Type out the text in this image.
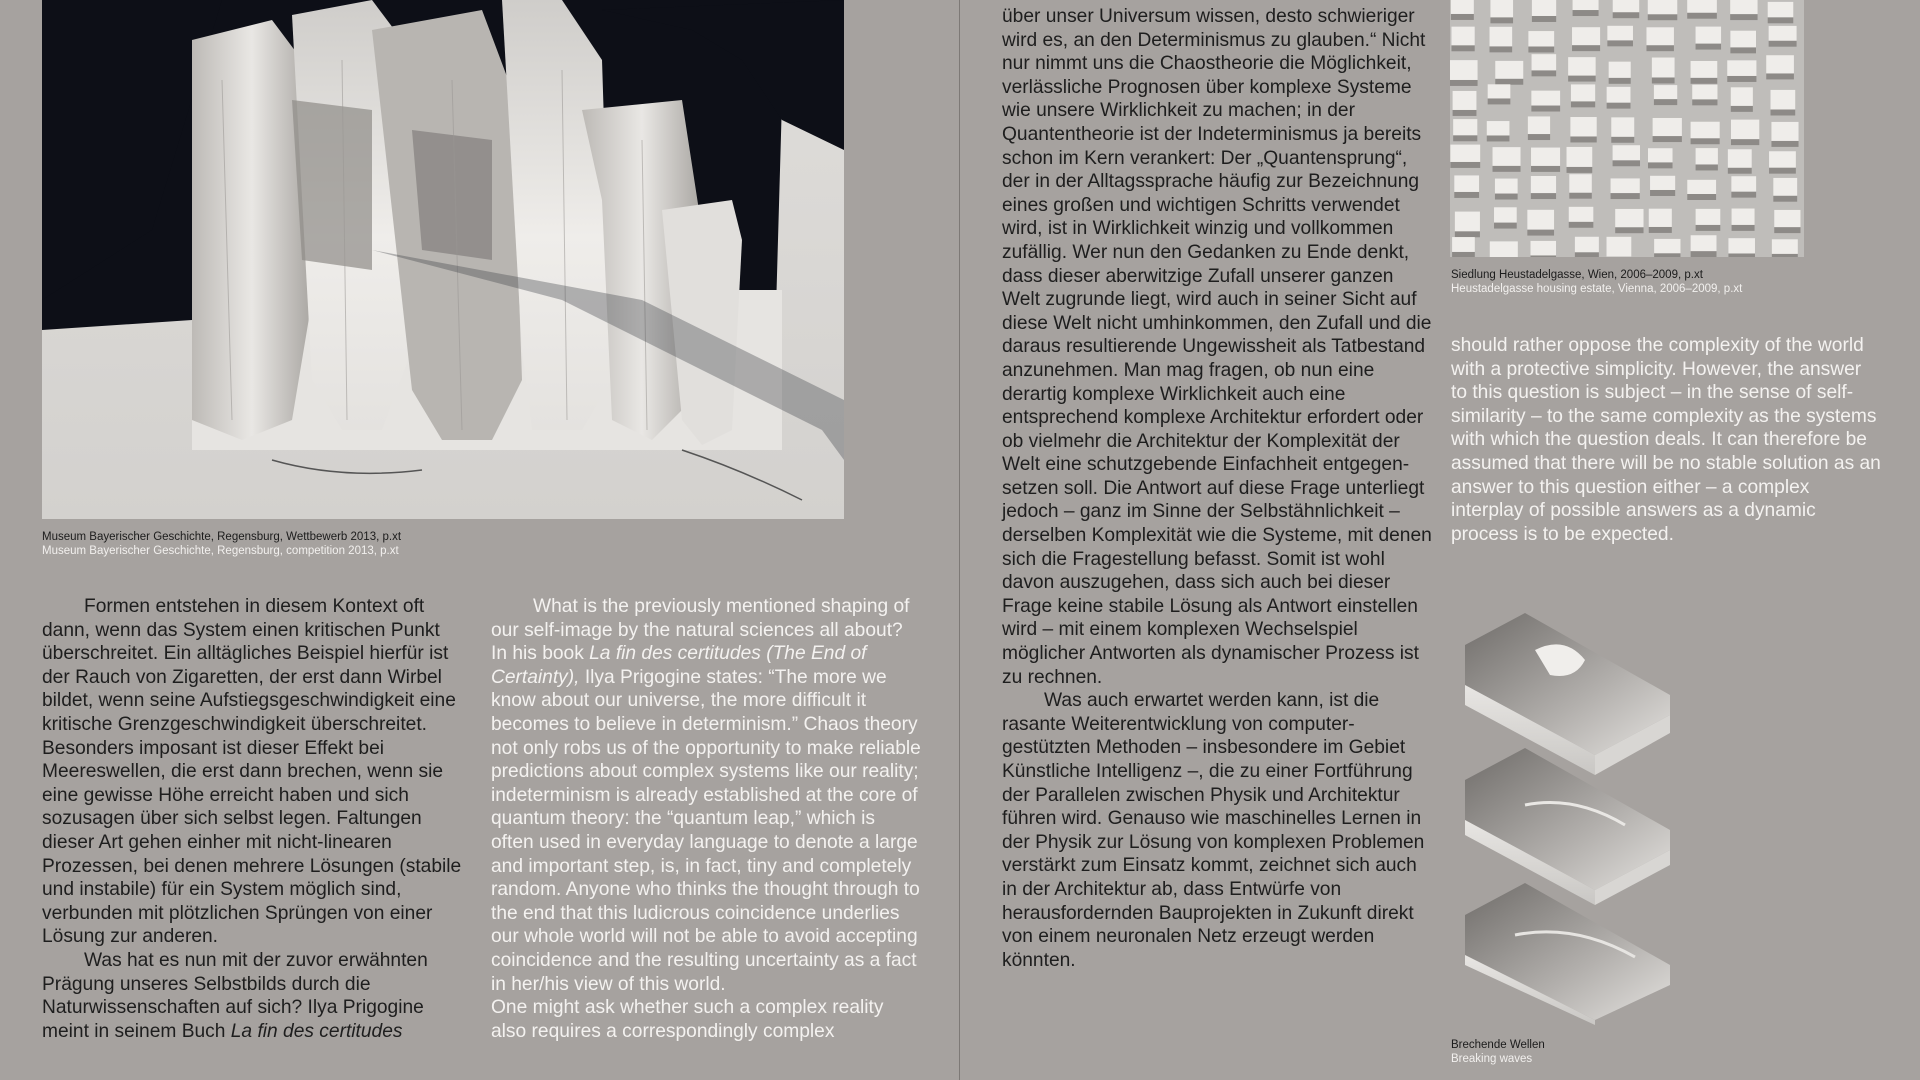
Museum Bayerischer Geschichte, Regensburg, Wettbewerb 2013, p.xt
Museum Bayerischer Geschichte, Regensburg, competition 2013, p.xt

Formen entstehen in diesem Kontext oft dann, wenn das System einen kritischen Punkt überschreitet. Ein alltägliches Beispiel hierfür ist der Rauch von Zigaretten, der erst dann Wirbel bildet, wenn seine Aufstiegsgeschwindigkeit eine kritische Grenzgeschwindigkeit überschreitet. Besonders imposant ist dieser Effekt bei Meereswellen, die erst dann brechen, wenn sie eine gewisse Höhe erreicht haben und sich sozusagen über sich selbst legen. Faltungen dieser Art gehen einher mit nicht-linearen Prozessen, bei denen mehrere Lösungen (stabile und instabile) für ein System möglich sind, verbunden mit plötzlichen Sprüngen von einer Lösung zur anderen.

Was hat es nun mit der zuvor erwähnten Prägung unseres Selbstbilds durch die Naturwissenschaften auf sich? Ilya Prigogine meint in seinem Buch La fin des certitudes

What is the previously mentioned shaping of our self-image by the natural sciences all about? In his book La fin des certitudes (The End of Certainty), Ilya Prigogine states: “The more we know about our universe, the more difficult it becomes to believe in determinism.” Chaos theory not only robs us of the opportunity to make reliable predictions about complex systems like our reality; indeterminism is already established at the core of quantum theory: the “quantum leap,” which is often used in everyday language to denote a large and important step, is, in fact, tiny and completely random. Anyone who thinks the thought through to the end that this ludicrous coincidence underlies our whole world will not be able to avoid accepting coincidence and the resulting uncertainty as a fact in her/his view of this world.

One might ask whether such a complex reality also requires a correspondingly complex

über unser Universum wissen, desto schwieriger wird es, an den Determinismus zu glauben.“ Nicht nur nimmt uns die Chaostheorie die Möglichkeit, verlässliche Prognosen über komplexe Systeme wie unsere Wirklichkeit zu machen; in der Quantentheorie ist der Indeterminismus ja bereits schon im Kern verankert: Der „Quantensprung“, der in der Alltagssprache häufig zur Bezeichnung eines großen und wichtigen Schritts verwendet wird, ist in Wirklichkeit winzig und vollkommen zufällig. Wer nun den Gedanken zu Ende denkt, dass dieser aberwitzige Zufall unserer ganzen Welt zugrunde liegt, wird auch in seiner Sicht auf diese Welt nicht umhinkommen, den Zufall und die daraus resultierende Ungewissheit als Tatbestand anzunehmen. Man mag fragen, ob nun eine derartig komplexe Wirklichkeit auch eine entsprechend komplexe Architektur erfordert oder ob vielmehr die Architektur der Komplexität der Welt eine schutzgebende Einfachheit entgegensetzen soll. Die Antwort auf diese Frage unterliegt jedoch – ganz im Sinne der Selbstähnlichkeit – derselben Komplexität wie die Systeme, mit denen sich die Fragestellung befasst. Somit ist wohl davon auszugehen, dass sich auch bei dieser Frage keine stabile Lösung als Antwort einstellen wird – mit einem komplexen Wechselspiel möglicher Antworten als dynamischer Prozess ist zu rechnen.

Was auch erwartet werden kann, ist die rasante Weiterentwicklung von computergestützten Methoden – insbesondere im Gebiet Künstliche Intelligenz –, die zu einer Fortführung der Parallelen zwischen Physik und Architektur führen wird. Genauso wie maschinelles Lernen in der Physik zur Lösung von komplexen Problemen verstärkt zum Einsatz kommt, zeichnet sich auch in der Architektur ab, dass Entwürfe von herausfordernden Bauprojekten in Zukunft direkt von einem neuronalen Netz erzeugt werden könnten.

Siedlung Heustadelgasse, Wien, 2006–2009, p.xt
Heustadelgasse housing estate, Vienna, 2006–2009, p.xt

should rather oppose the complexity of the world with a protective simplicity. However, the answer to this question is subject – in the sense of self-similarity – to the same complexity as the systems with which the question deals. It can therefore be assumed that there will be no stable solution as an answer to this question either – a complex interplay of possible answers as a dynamic process is to be expected.

Brechende Wellen
Breaking waves
